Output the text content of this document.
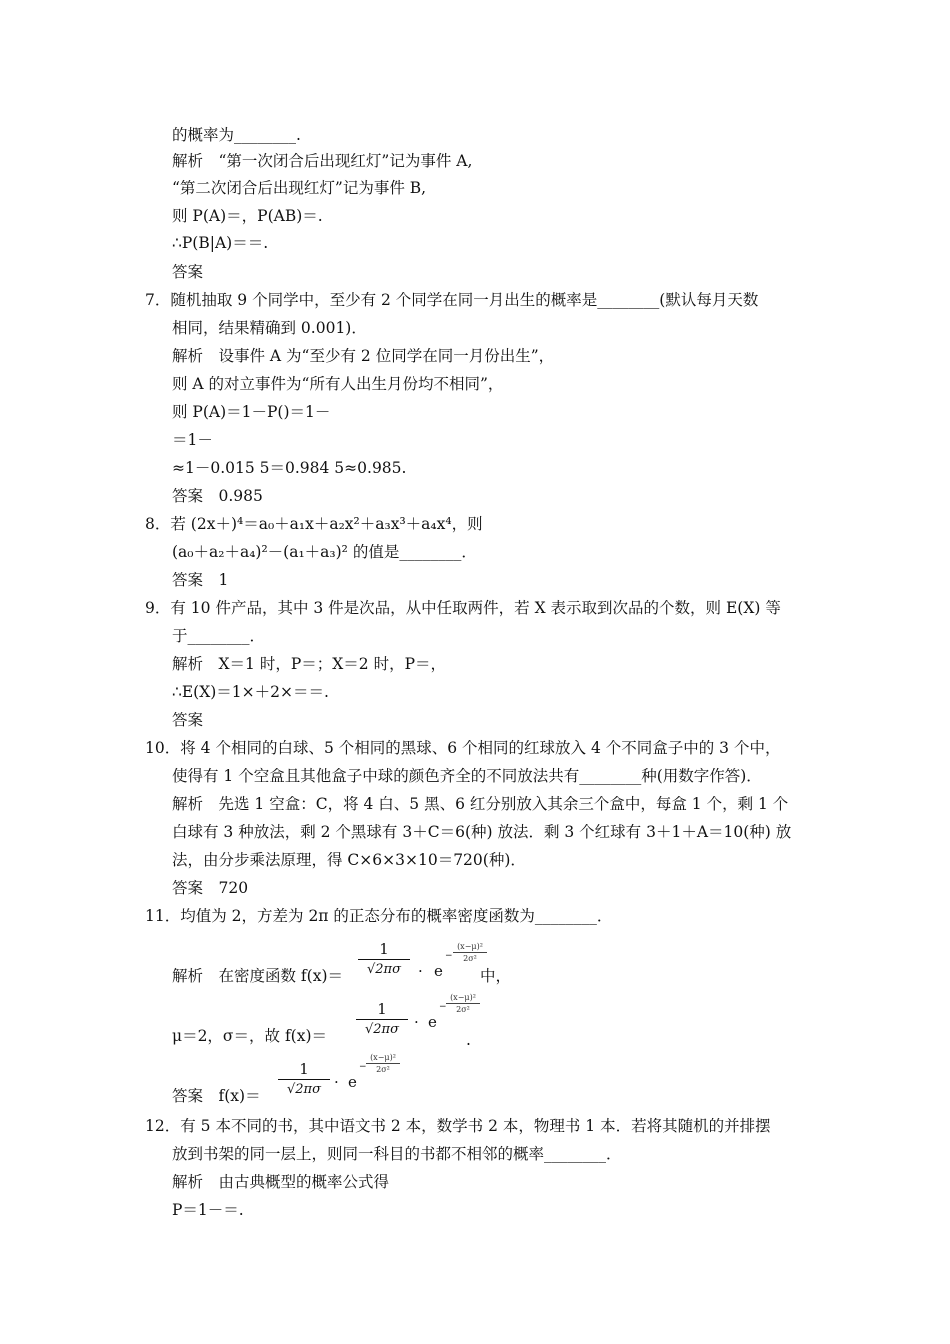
的概率为________.
解析　“第一次闭合后出现红灯”记为事件 A,
“第二次闭合后出现红灯”记为事件 B,
则 P(A)＝，P(AB)＝.
∴P(B|A)＝＝.
答案
7．随机抽取 9 个同学中，至少有 2 个同学在同一月出生的概率是________(默认每月天数
相同，结果精确到 0.001)．
解析　设事件 A 为“至少有 2 位同学在同一月份出生”，
则 A 的对立事件为“所有人出生月份均不相同”，
则 P(A)＝1－P()＝1－
＝1－
≈1－0.015 5＝0.984 5≈0.985.
答案　0.985
8．若 (2x＋)⁴＝a₀＋a₁x＋a₂x²＋a₃x³＋a₄x⁴，则
(a₀＋a₂＋a₄)²－(a₁＋a₃)² 的值是________．
答案　1
9．有 10 件产品，其中 3 件是次品，从中任取两件，若 X 表示取到次品的个数，则 E(X) 等
于________．
解析　X＝1 时，P＝；X＝2 时，P＝，
∴E(X)＝1×＋2×＝＝.
答案
10．将 4 个相同的白球、5 个相同的黑球、6 个相同的红球放入 4 个不同盒子中的 3 个中，
使得有 1 个空盒且其他盒子中球的颜色齐全的不同放法共有________种(用数字作答)．
解析　先选 1 空盒：C，将 4 白、5 黑、6 红分别放入其余三个盒中，每盒 1 个，剩 1 个
白球有 3 种放法，剩 2 个黑球有 3＋C＝6(种) 放法．剩 3 个红球有 3＋1＋A＝10(种) 放
法，由分步乘法原理，得 C×6×3×10＝720(种)．
答案　720
11．均值为 2，方差为 2π 的正态分布的概率密度函数为________．
解析　在密度函数 f(x)＝
1
√2πσ	· e
−
(x−μ)²
2σ²
中，
μ＝2，σ＝，故 f(x)＝
1
√2πσ	· e
−
(x−μ)²
2σ²
.
答案　f(x)＝
1
√2πσ · e
−
(x−μ)²
2σ²
12．有 5 本不同的书，其中语文书 2 本，数学书 2 本，物理书 1 本．若将其随机的并排摆
放到书架的同一层上，则同一科目的书都不相邻的概率________．
解析　由古典概型的概率公式得
P＝1－＝.
